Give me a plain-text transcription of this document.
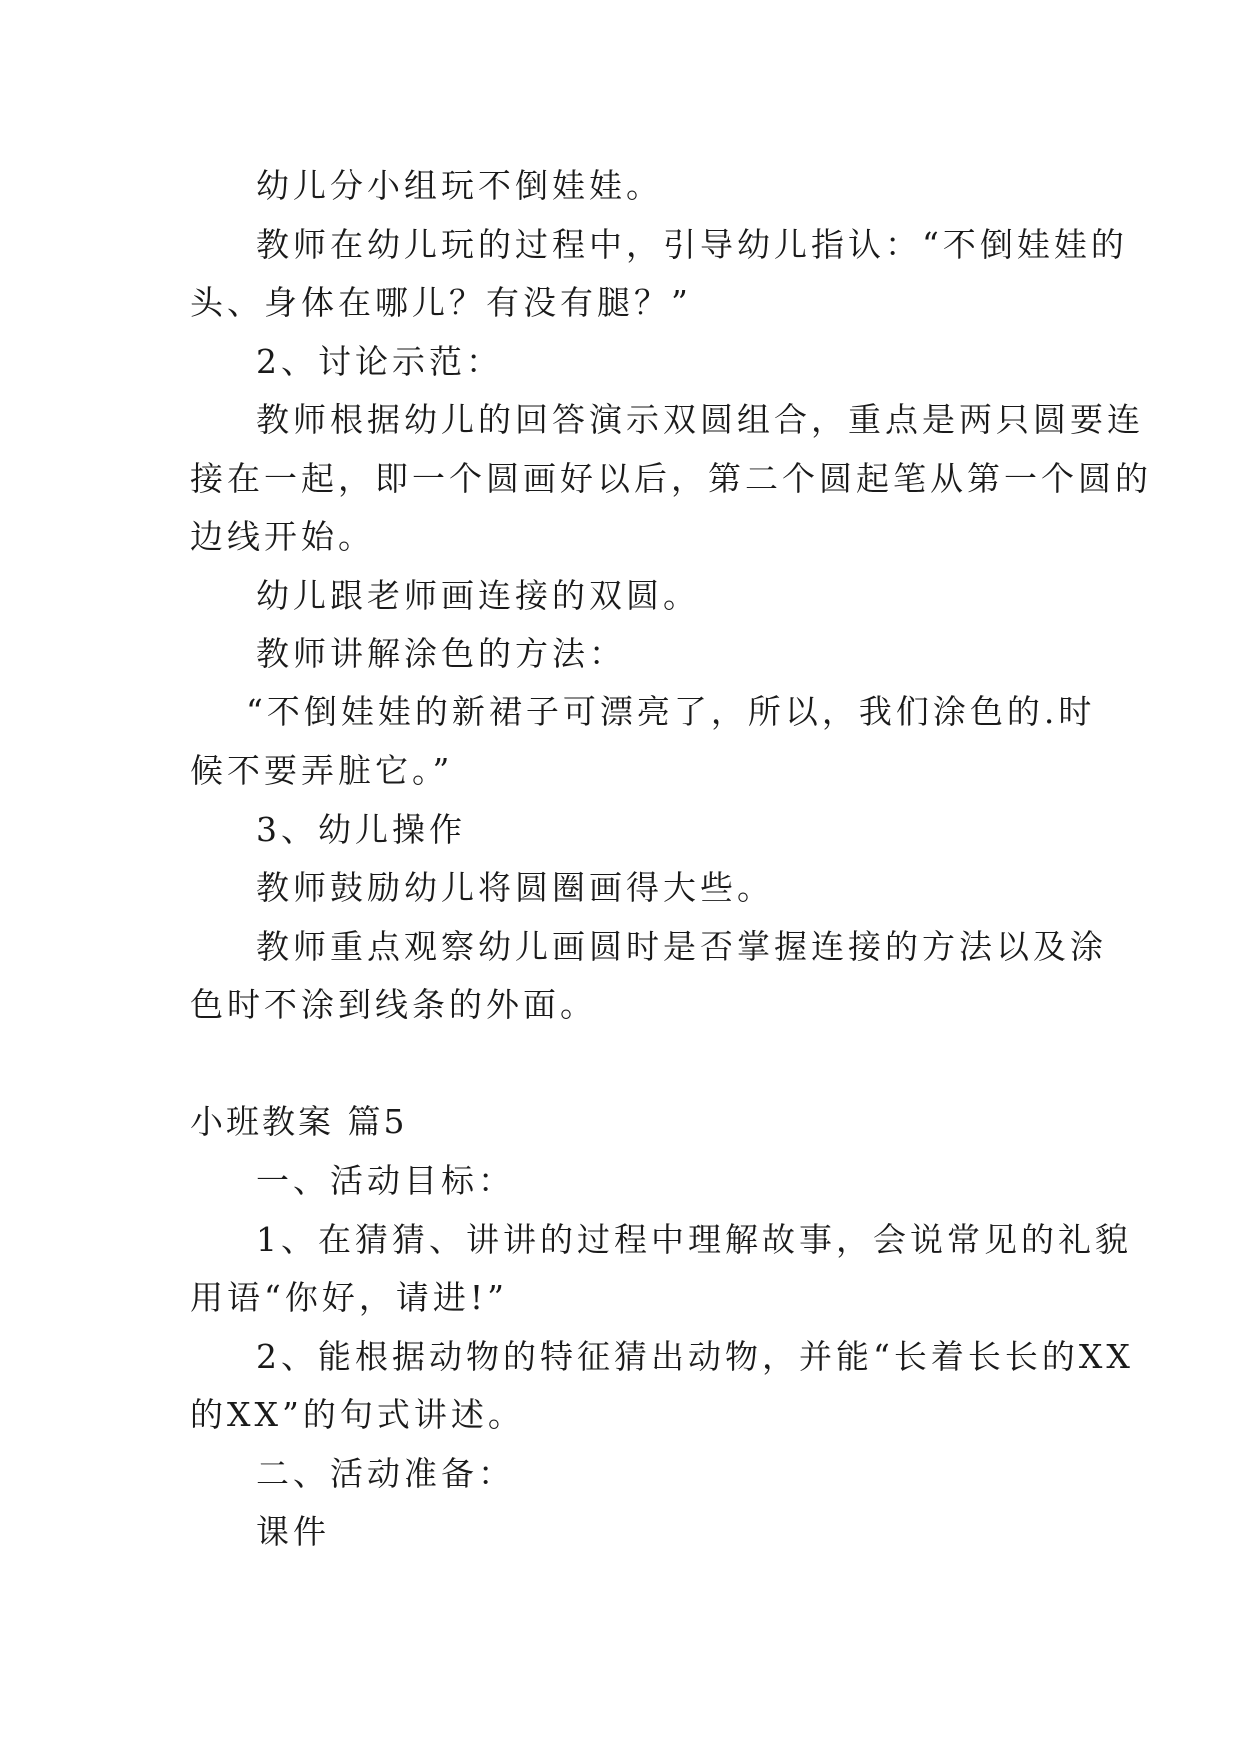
幼儿分小组玩不倒娃娃。
教师在幼儿玩的过程中，引导幼儿指认：“不倒娃娃的
头、身体在哪儿？有没有腿？”
2、讨论示范：
教师根据幼儿的回答演示双圆组合，重点是两只圆要连
接在一起，即一个圆画好以后，第二个圆起笔从第一个圆的
边线开始。
幼儿跟老师画连接的双圆。
教师讲解涂色的方法：
“不倒娃娃的新裙子可漂亮了，所以，我们涂色的.时
候不要弄脏它。”
3、幼儿操作
教师鼓励幼儿将圆圈画得大些。
教师重点观察幼儿画圆时是否掌握连接的方法以及涂
色时不涂到线条的外面。
小班教案 篇5
一、活动目标：
1、在猜猜、讲讲的过程中理解故事，会说常见的礼貌
用语“你好，请进!”
2、能根据动物的特征猜出动物，并能“长着长长的XX
的XX”的句式讲述。
二、活动准备：
课件
